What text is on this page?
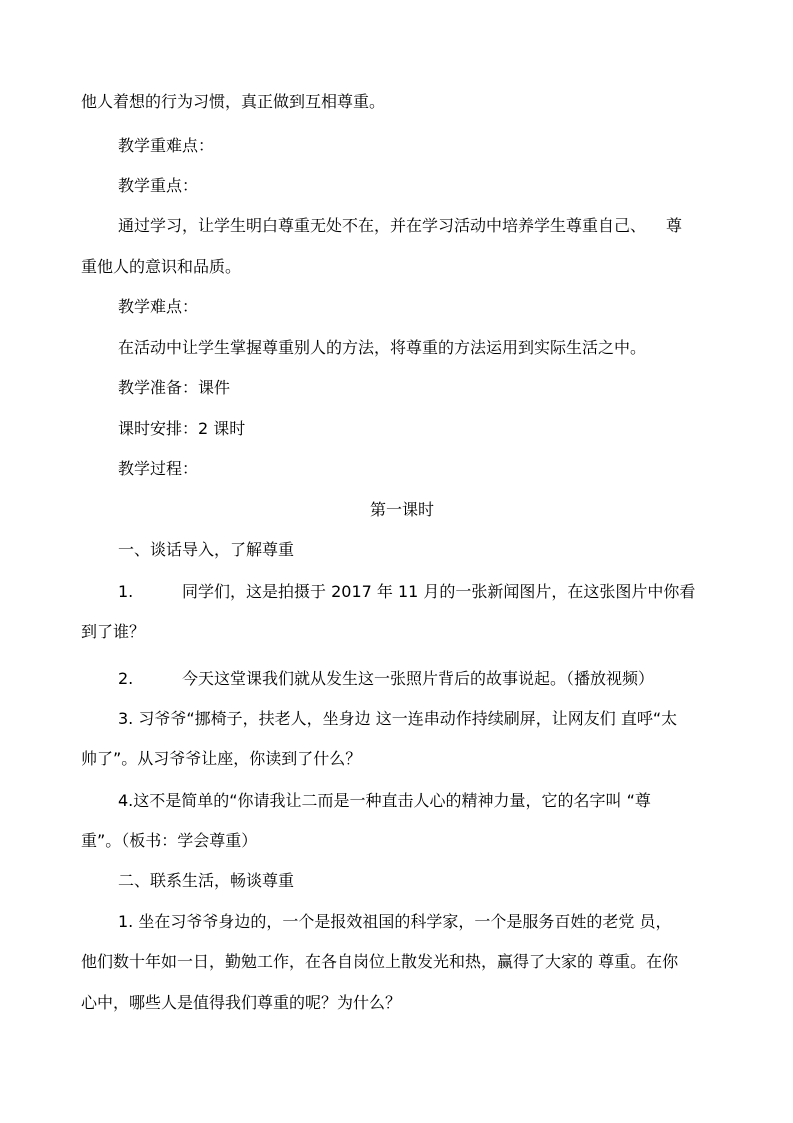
他人着想的行为习惯，真正做到互相尊重。
教学重难点：
教学重点：
通过学习，让学生明白尊重无处不在，并在学习活动中培养学生尊重自己、 尊
重他人的意识和品质。
教学难点：
在活动中让学生掌握尊重别人的方法，将尊重的方法运用到实际生活之中。
教学准备：课件
课时安排：2 课时
教学过程：
第一课时
一、谈话导入，了解尊重
1.	同学们，这是拍摄于 2017 年 11 月的一张新闻图片，在这张图片中你看
到了谁？
2.	今天这堂课我们就从发生这一张照片背后的故事说起。（播放视频）
3. 习爷爷“挪椅子，扶老人，坐身边 这一连串动作持续刷屏，让网友们 直呼“太
帅了”。从习爷爷让座，你读到了什么？
4.这不是简单的“你请我让二而是一种直击人心的精神力量，它的名字叫 “尊
重”。（板书：学会尊重）
二、联系生活，畅谈尊重
1. 坐在习爷爷身边的，一个是报效祖国的科学家，一个是服务百姓的老党 员，
他们数十年如一日，勤勉工作，在各自岗位上散发光和热，赢得了大家的 尊重。在你
心中，哪些人是值得我们尊重的呢？为什么？
